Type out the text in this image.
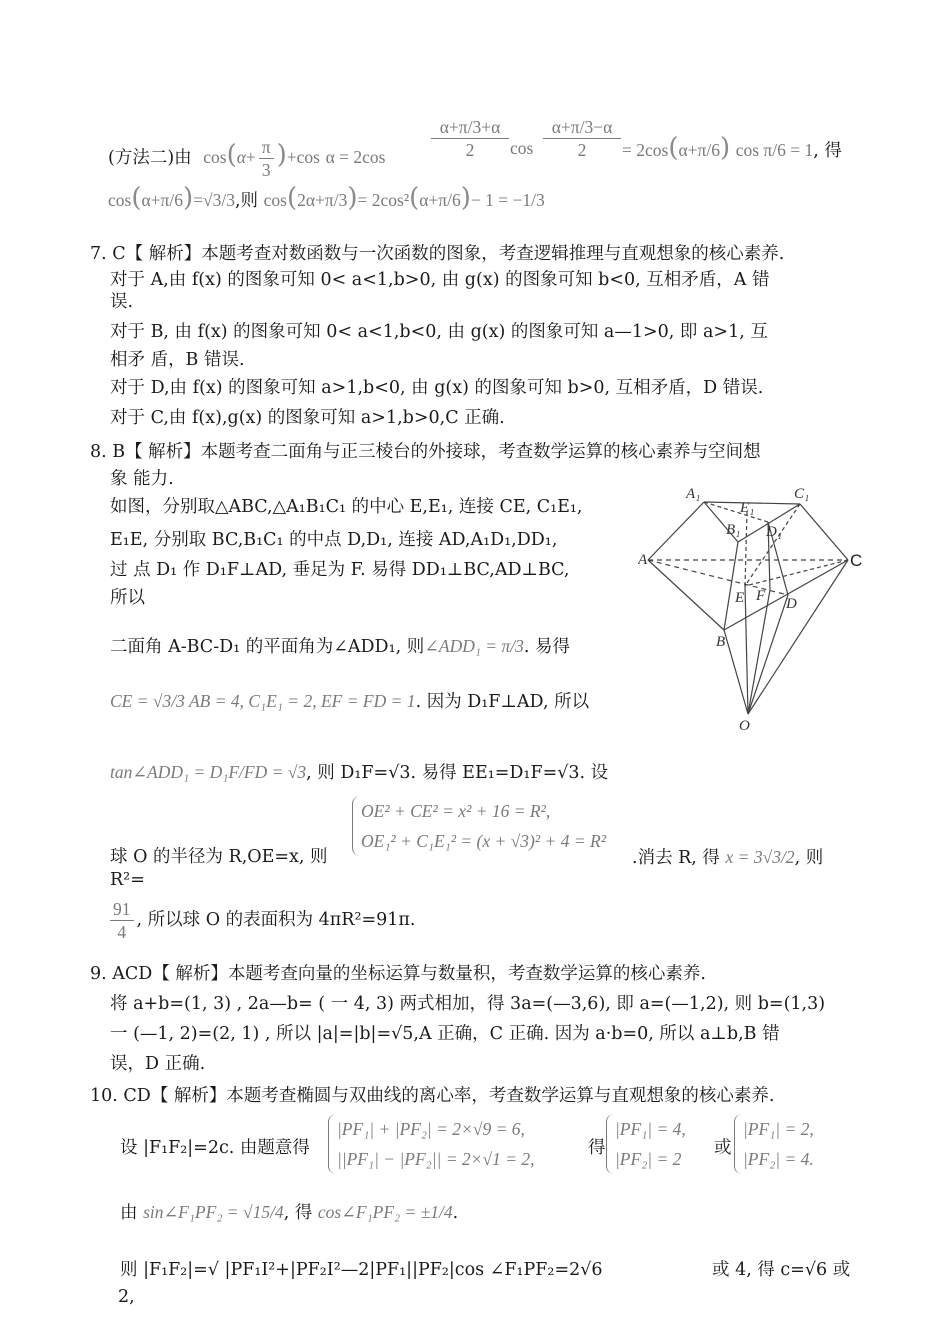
(方法二)由 $\cos(\alpha+ \frac{\pi}{3} )+\cos$ α = 2cos	$\frac{\alpha+\pi/3+\alpha}{2}$ $\cos \frac{\alpha+\pi/3-\alpha}{2} = 2\cos(\alpha+\pi/6)$ cos π/6 = 1, 得
cos(α+π/6)=√3/3,则 cos(2α+π/3)= 2cos²(α+π/6)− 1 = −1/3
7. C【 解析】本题考查对数函数与一次函数的图象，考查逻辑推理与直观想象的核心素养.
对于 A,由 f(x) 的图象可知 0< a<1,b>0, 由 g(x) 的图象可知 b<0, 互相矛盾，A 错
误.
对于 B, 由 f(x) 的图象可知 0< a<1,b<0, 由 g(x) 的图象可知 a—1>0, 即 a>1, 互
相矛 盾，B 错误.
对于 D,由 f(x) 的图象可知 a>1,b<0, 由 g(x) 的图象可知 b>0, 互相矛盾，D 错误.
对于 C,由 f(x),g(x) 的图象可知 a>1,b>0,C 正确.
8. B【 解析】本题考查二面角与正三棱台的外接球，考查数学运算的核心素养与空间想
象 能力.
如图，分别取△ABC,△A₁B₁C₁ 的中心 E,E₁, 连接 CE, C₁E₁,
E₁E, 分别取 BC,B₁C₁ 的中点 D,D₁, 连接 AD,A₁D₁,DD₁,
过 点 D₁ 作 D₁F⊥AD, 垂足为 F. 易得 DD₁⊥BC,AD⊥BC,
所以
二面角 A-BC-D₁ 的平面角为∠ADD₁, 则∠ADD₁ = π/3. 易得
CE = √3/3 AB = 4, C₁E₁ = 2, EF = FD = 1. 因为 D₁F⊥AD, 所以
tan∠ADD₁ = D₁F/FD = √3, 则 D₁F=√3. 易得 EE₁=D₁F=√3. 设
球 O 的半径为 R,OE=x, 则
OE² + CE² = x² + 16 = R²,
OE₁² + C₁E₁² = (x + √3)² + 4 = R²
.消去 R, 得 x = 3√3/2, 则
R²=
$\frac{91}{4}$ , 所以球 O 的表面积为 4πR²=91π.
A₁
E₁
C₁
B₁ D₁
A
E F D
B
O
C
9. ACD【 解析】本题考查向量的坐标运算与数量积，考查数学运算的核心素养.
将 a+b=(1, 3) , 2a—b= ( 一 4, 3) 两式相加，得 3a=(—3,6), 即 a=(—1,2), 则 b=(1,3)
一 (—1, 2)=(2, 1) , 所以 |a|=|b|=√5,A 正确，C 正确. 因为 a·b=0, 所以 a⊥b,B 错
误，D 正确.
10. CD【 解析】本题考查椭圆与双曲线的离心率，考查数学运算与直观想象的核心素养.
设 |F₁F₂|=2c. 由题意得
|PF₁| + |PF₂| = 2×√9 = 6,
||PF₁| − |PF₂|| = 2×√1 = 2,
得
|PF₁| = 4,
|PF₂| = 2
或
|PF₁| = 2,
|PF₂| = 4.
由 sin∠F₁PF₂ = √15/4, 得 cos∠F₁PF₂ = ±1/4.
则 |F₁F₂|=√ |PF₁I²+|PF₂I²—2|PF₁||PF₂|cos ∠F₁PF₂=2√6	或 4, 得 c=√6 或
2,
